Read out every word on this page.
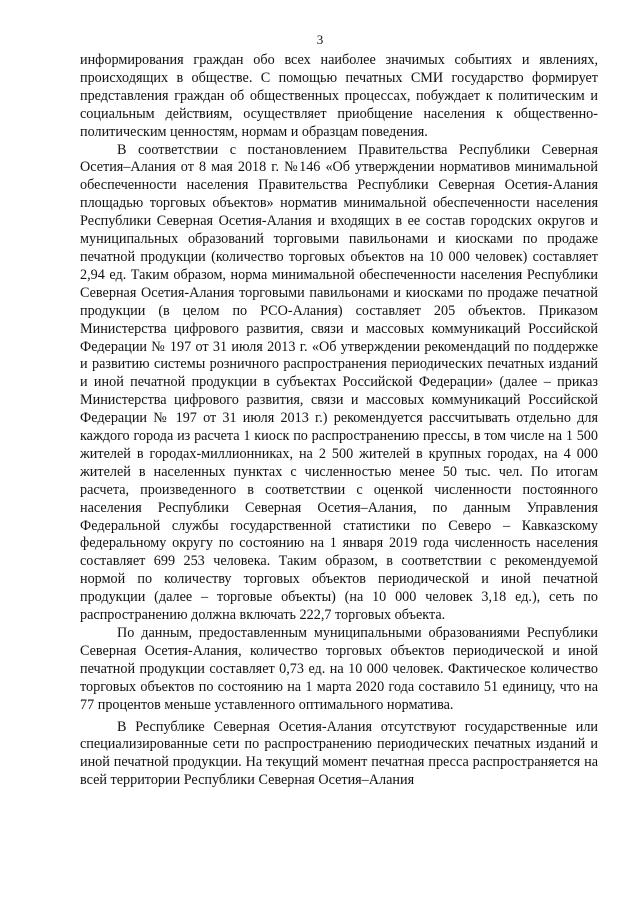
3

информирования граждан обо всех наиболее значимых событиях и явлениях, происходящих в обществе. С помощью печатных СМИ государство формирует представления граждан об общественных процессах, побуждает к политическим и социальным действиям, осуществляет приобщение населения к общественно-политическим ценностям, нормам и образцам поведения.

В соответствии с постановлением Правительства Республики Северная Осетия–Алания от 8 мая 2018 г. №146 «Об утверждении нормативов минимальной обеспеченности населения Правительства Республики Северная Осетия-Алания площадью торговых объектов» норматив минимальной обеспеченности населения Республики Северная Осетия-Алания и входящих в ее состав городских округов и муниципальных образований торговыми павильонами и киосками по продаже печатной продукции (количество торговых объектов на 10 000 человек) составляет 2,94 ед. Таким образом, норма минимальной обеспеченности населения Республики Северная Осетия-Алания торговыми павильонами и киосками по продаже печатной продукции (в целом по РСО-Алания) составляет 205 объектов. Приказом Министерства цифрового развития, связи и массовых коммуникаций Российской Федерации № 197 от 31 июля 2013 г. «Об утверждении рекомендаций по поддержке и развитию системы розничного распространения периодических печатных изданий и иной печатной продукции в субъектах Российской Федерации» (далее – приказ Министерства цифрового развития, связи и массовых коммуникаций Российской Федерации № 197 от 31 июля 2013 г.) рекомендуется рассчитывать отдельно для каждого города из расчета 1 киоск по распространению прессы, в том числе на 1 500 жителей в городах-миллионниках, на 2 500 жителей в крупных городах, на 4 000 жителей в населенных пунктах с численностью менее 50 тыс. чел. По итогам расчета, произведенного в соответствии с оценкой численности постоянного населения Республики Северная Осетия–Алания, по данным Управления Федеральной службы государственной статистики по Северо – Кавказскому федеральному округу по состоянию на 1 января 2019 года численность населения составляет 699 253 человека. Таким образом, в соответствии с рекомендуемой нормой по количеству торговых объектов периодической и иной печатной продукции (далее – торговые объекты) (на 10 000 человек 3,18 ед.), сеть по распространению должна включать 222,7 торговых объекта.

По данным, предоставленным муниципальными образованиями Республики Северная Осетия-Алания, количество торговых объектов периодической и иной печатной продукции составляет 0,73 ед. на 10 000 человек. Фактическое количество торговых объектов по состоянию на 1 марта 2020 года составило 51 единицу, что на 77 процентов меньше уставленного оптимального норматива.

В Республике Северная Осетия-Алания отсутствуют государственные или специализированные сети по распространению периодических печатных изданий и иной печатной продукции. На текущий момент печатная пресса распространяется на всей территории Республики Северная Осетия–Алания
